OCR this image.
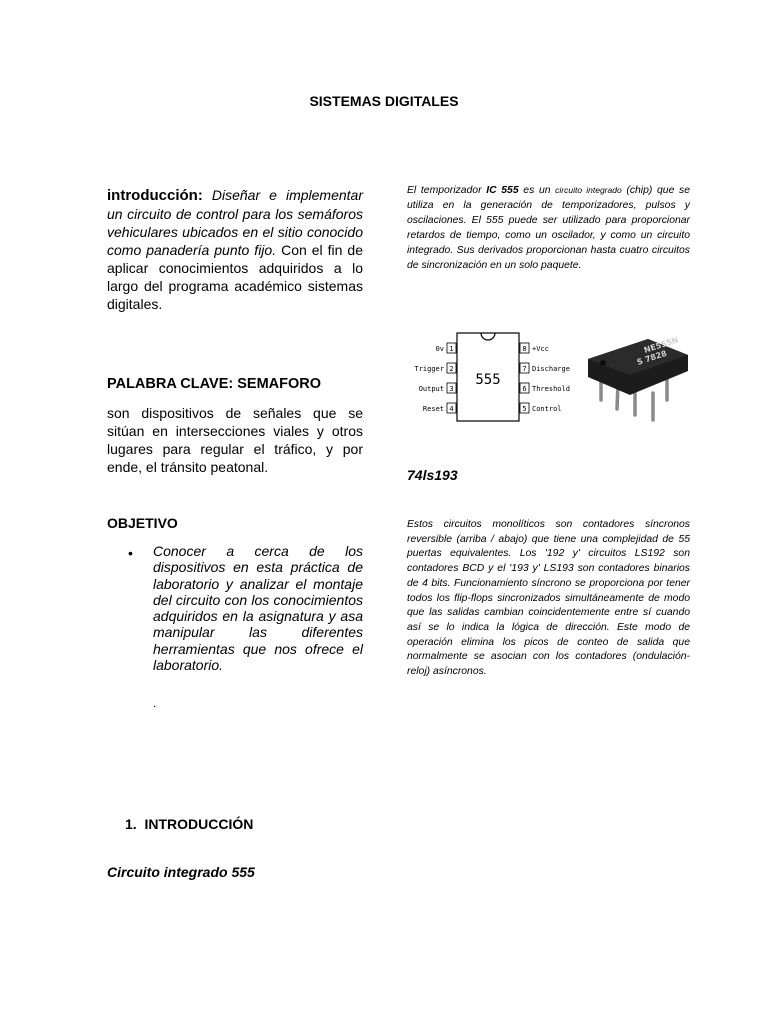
SISTEMAS DIGITALES
introducción: Diseñar e implementar un circuito de control para los semáforos vehiculares ubicados en el sitio conocido como panadería punto fijo. Con el fin de aplicar conocimientos adquiridos a lo largo del programa académico sistemas digitales.
PALABRA CLAVE: SEMAFORO
son dispositivos de señales que se sitúan en intersecciones viales y otros lugares para regular el tráfico, y por ende, el tránsito peatonal.
OBJETIVO
• Conocer a cerca de los dispositivos en esta práctica de laboratorio y analizar el montaje del circuito con los conocimientos adquiridos en la asignatura y asa manipular las diferentes herramientas que nos ofrece el laboratorio.
.
El temporizador IC 555 es un circuito integrado (chip) que se utiliza en la generación de temporizadores, pulsos y oscilaciones. El 555 puede ser utilizado para proporcionar retardos de tiempo, como un oscilador, y como un circuito integrado. Sus derivados proporcionan hasta cuatro circuitos de sincronización en un solo paquete.
555
1
2
3
4
0v
Trigger
Output
Reset
8
7
6
5
+Vcc
Discharge
Threshold
Control
NE555N
S 7828
74ls193
Estos circuitos monolíticos son contadores síncronos reversible (arriba / abajo) que tiene una complejidad de 55 puertas equivalentes. Los '192 y' circuitos LS192 son contadores BCD y el '193 y' LS193 son contadores binarios de 4 bits. Funcionamiento síncrono se proporciona por tener todos los flip-flops sincronizados simultáneamente de modo que las salidas cambian coincidentemente entre sí cuando así se lo indica la lógica de dirección. Este modo de operación elimina los picos de conteo de salida que normalmente se asocian con los contadores (ondulación-reloj) asíncronos.
1.  INTRODUCCIÓN
Circuito integrado 555
